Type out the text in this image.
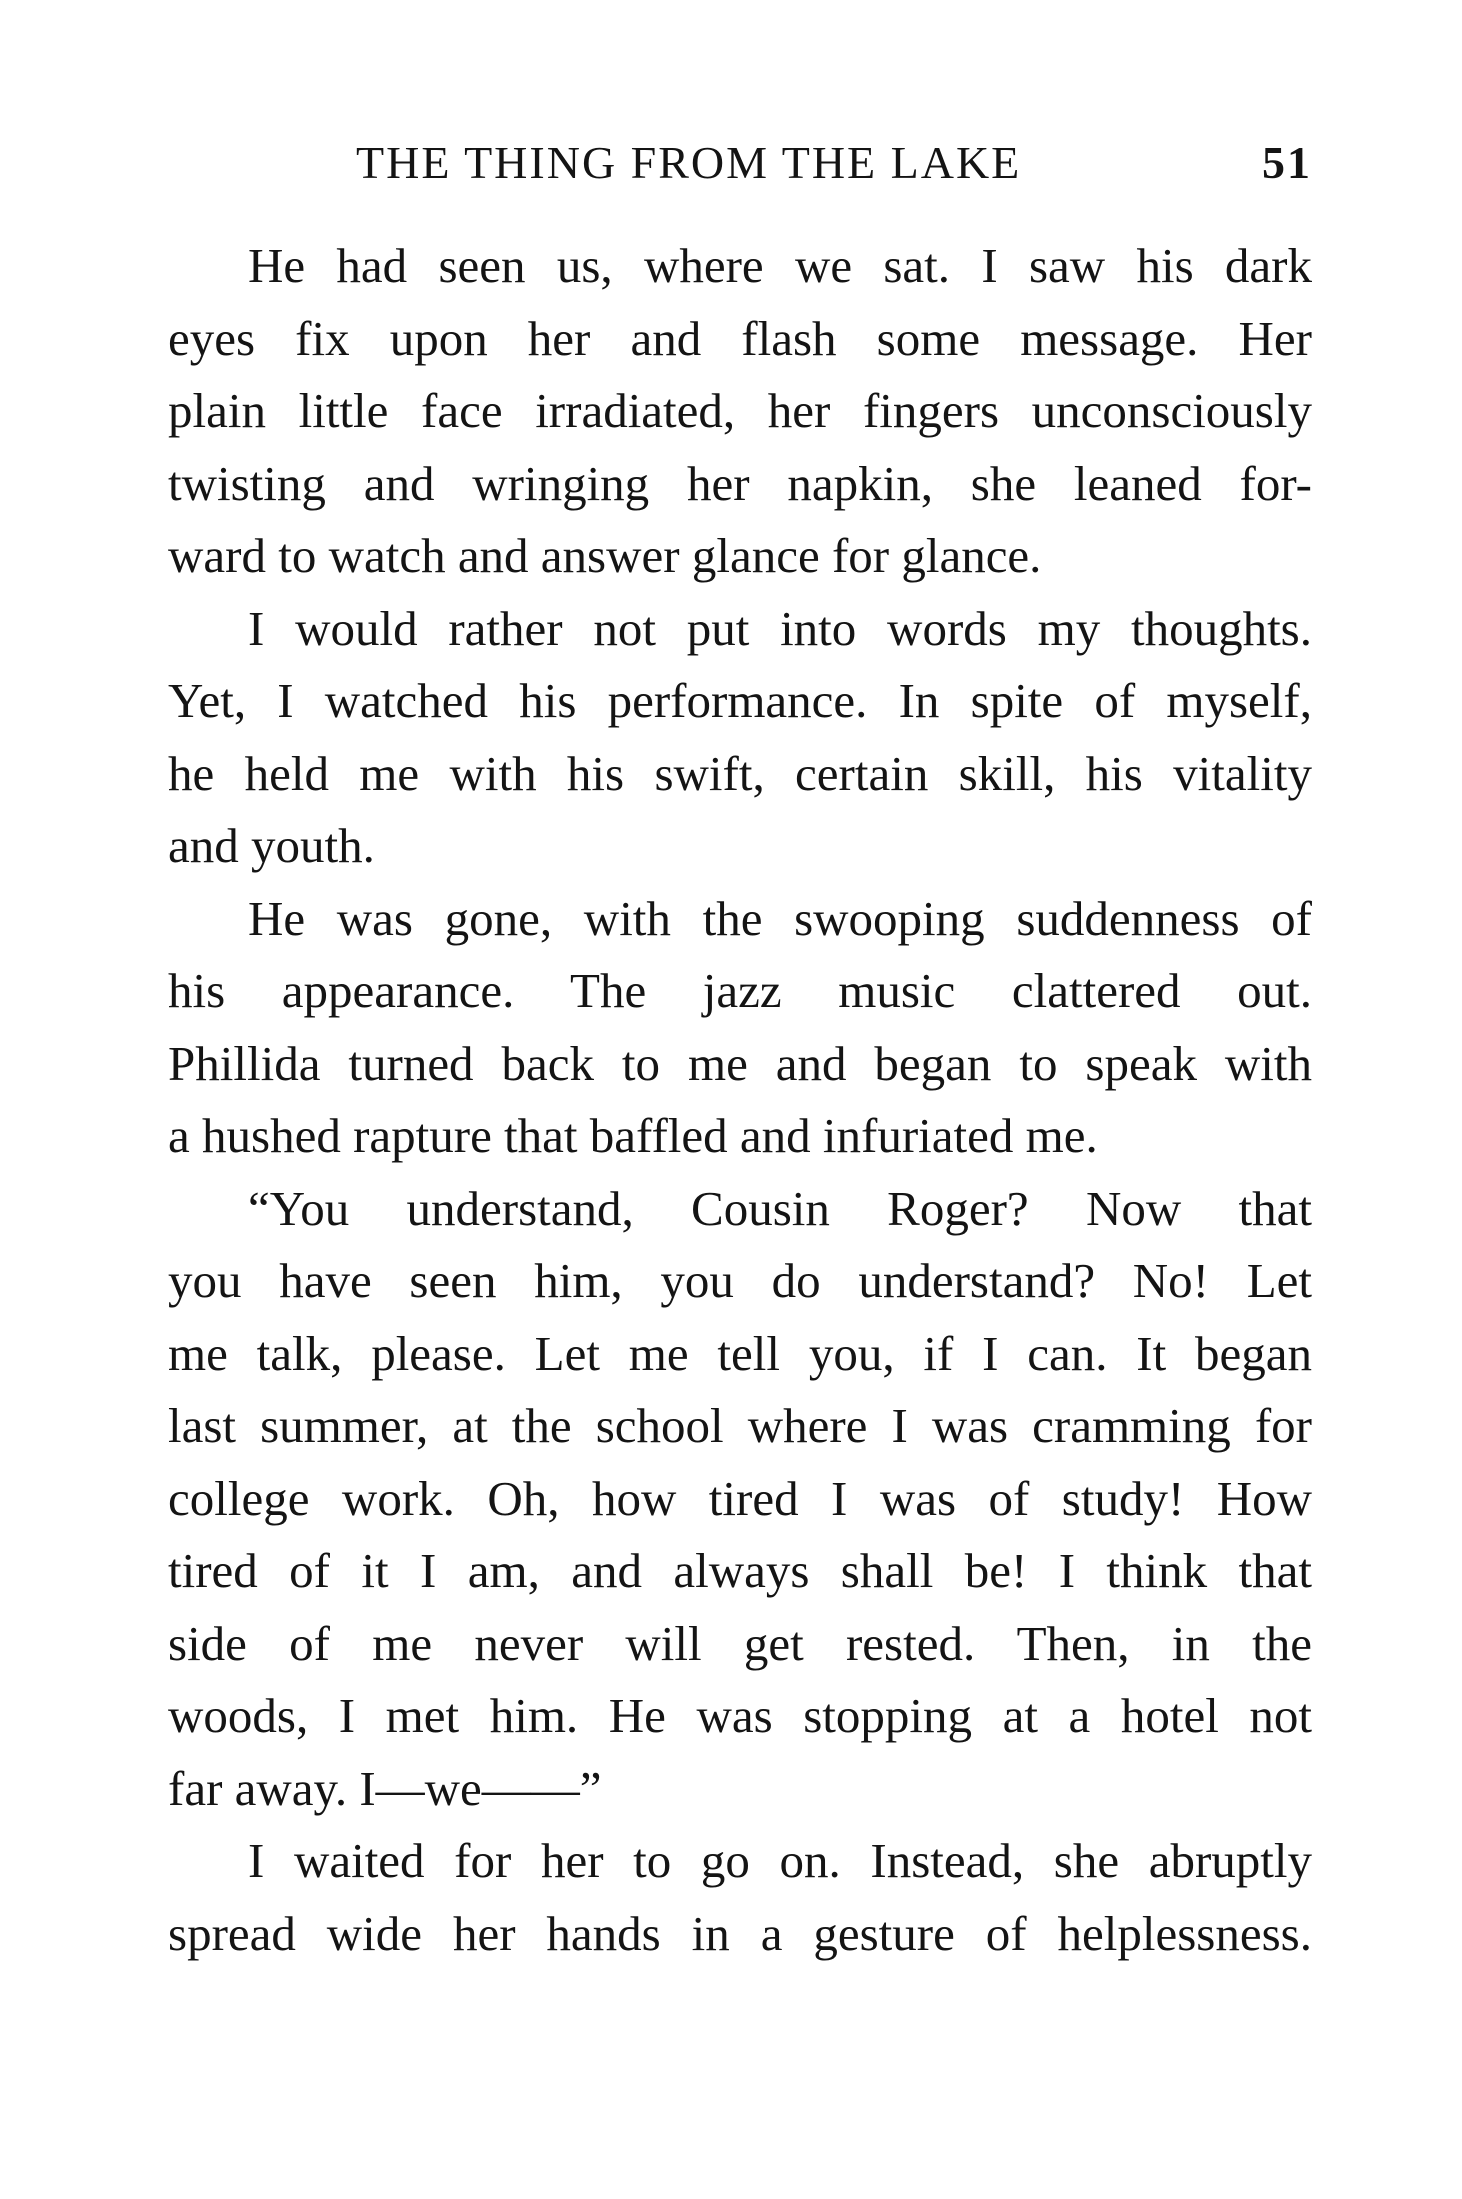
THE THING FROM THE LAKE	51
He had seen us, where we sat. I saw his dark
eyes fix upon her and flash some message. Her
plain little face irradiated, her fingers unconsciously
twisting and wringing her napkin, she leaned for-
ward to watch and answer glance for glance.
I would rather not put into words my thoughts.
Yet, I watched his performance. In spite of myself,
he held me with his swift, certain skill, his vitality
and youth.
He was gone, with the swooping suddenness of
his appearance. The jazz music clattered out.
Phillida turned back to me and began to speak with
a hushed rapture that baffled and infuriated me.
“You understand, Cousin Roger? Now that
you have seen him, you do understand? No! Let
me talk, please. Let me tell you, if I can. It began
last summer, at the school where I was cramming for
college work. Oh, how tired I was of study! How
tired of it I am, and always shall be! I think that
side of me never will get rested. Then, in the
woods, I met him. He was stopping at a hotel not
far away. I—we——”
I waited for her to go on. Instead, she abruptly
spread wide her hands in a gesture of helplessness.
